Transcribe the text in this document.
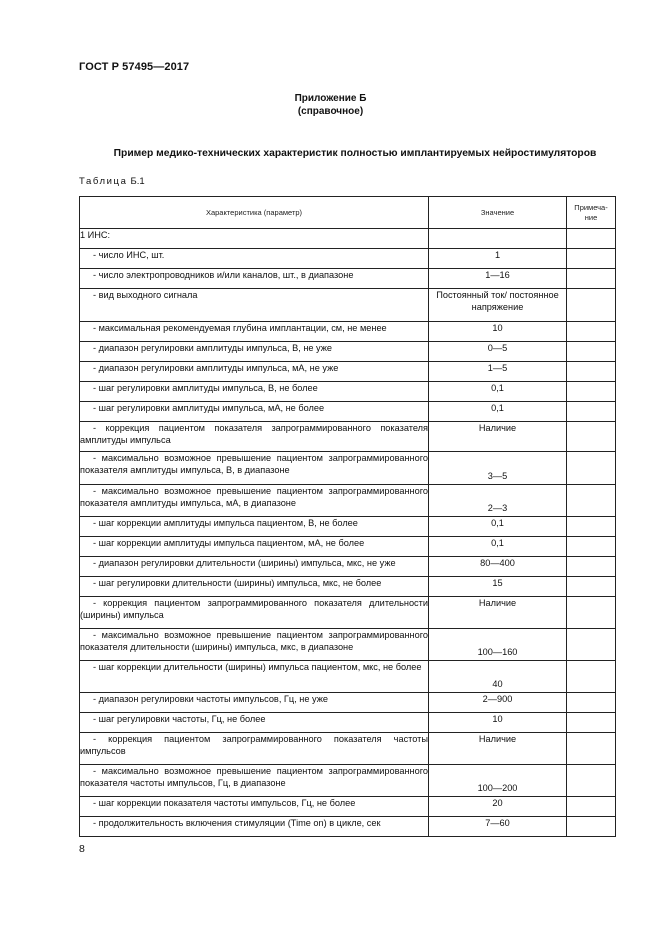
ГОСТ Р 57495—2017
Приложение Б
(справочное)
Пример медико-технических характеристик полностью имплантируемых нейростимуляторов
Таблица Б.1
Характеристика (параметр)	Значение	Примеча-
ние
1 ИНС:		
- число ИНС, шт.	1	
- число электропроводников и/или каналов, шт., в диапазоне	1—16	
- вид выходного сигнала	Постоянный ток/ постоянное напряжение	
- максимальная рекомендуемая глубина имплантации, см, не менее	10	
- диапазон регулировки амплитуды импульса, В, не уже	0—5	
- диапазон регулировки амплитуды импульса, мА, не уже	1—5	
- шаг регулировки амплитуды импульса, В, не более	0,1	
- шаг регулировки амплитуды импульса, мА, не более	0,1	
- коррекция пациентом показателя запрограммированного показателя амплитуды импульса	Наличие	
- максимально возможное превышение пациентом запрограммированного показателя амплитуды импульса, В, в диапазоне	3—5	
- максимально возможное превышение пациентом запрограммированного показателя амплитуды импульса, мА, в диапазоне	2—3	
- шаг коррекции амплитуды импульса пациентом, В, не более	0,1	
- шаг коррекции амплитуды импульса пациентом, мА, не более	0,1	
- диапазон регулировки длительности (ширины) импульса, мкс, не уже	80—400	
- шаг регулировки длительности (ширины) импульса, мкс, не более	15	
- коррекция пациентом запрограммированного показателя длительности (ширины) импульса	Наличие	
- максимально возможное превышение пациентом запрограммированного показателя длительности (ширины) импульса, мкс, в диапазоне	100—160	
- шаг коррекции длительности (ширины) импульса пациентом, мкс, не более	40	
- диапазон регулировки частоты импульсов, Гц, не уже	2—900	
- шаг регулировки частоты, Гц, не более	10	
- коррекция пациентом запрограммированного показателя частоты импульсов	Наличие	
- максимально возможное превышение пациентом запрограммированного показателя частоты импульсов, Гц, в диапазоне	100—200	
- шаг коррекции показателя частоты импульсов, Гц, не более	20	
- продолжительность включения стимуляции (Time on) в цикле, сек	7—60	
8
